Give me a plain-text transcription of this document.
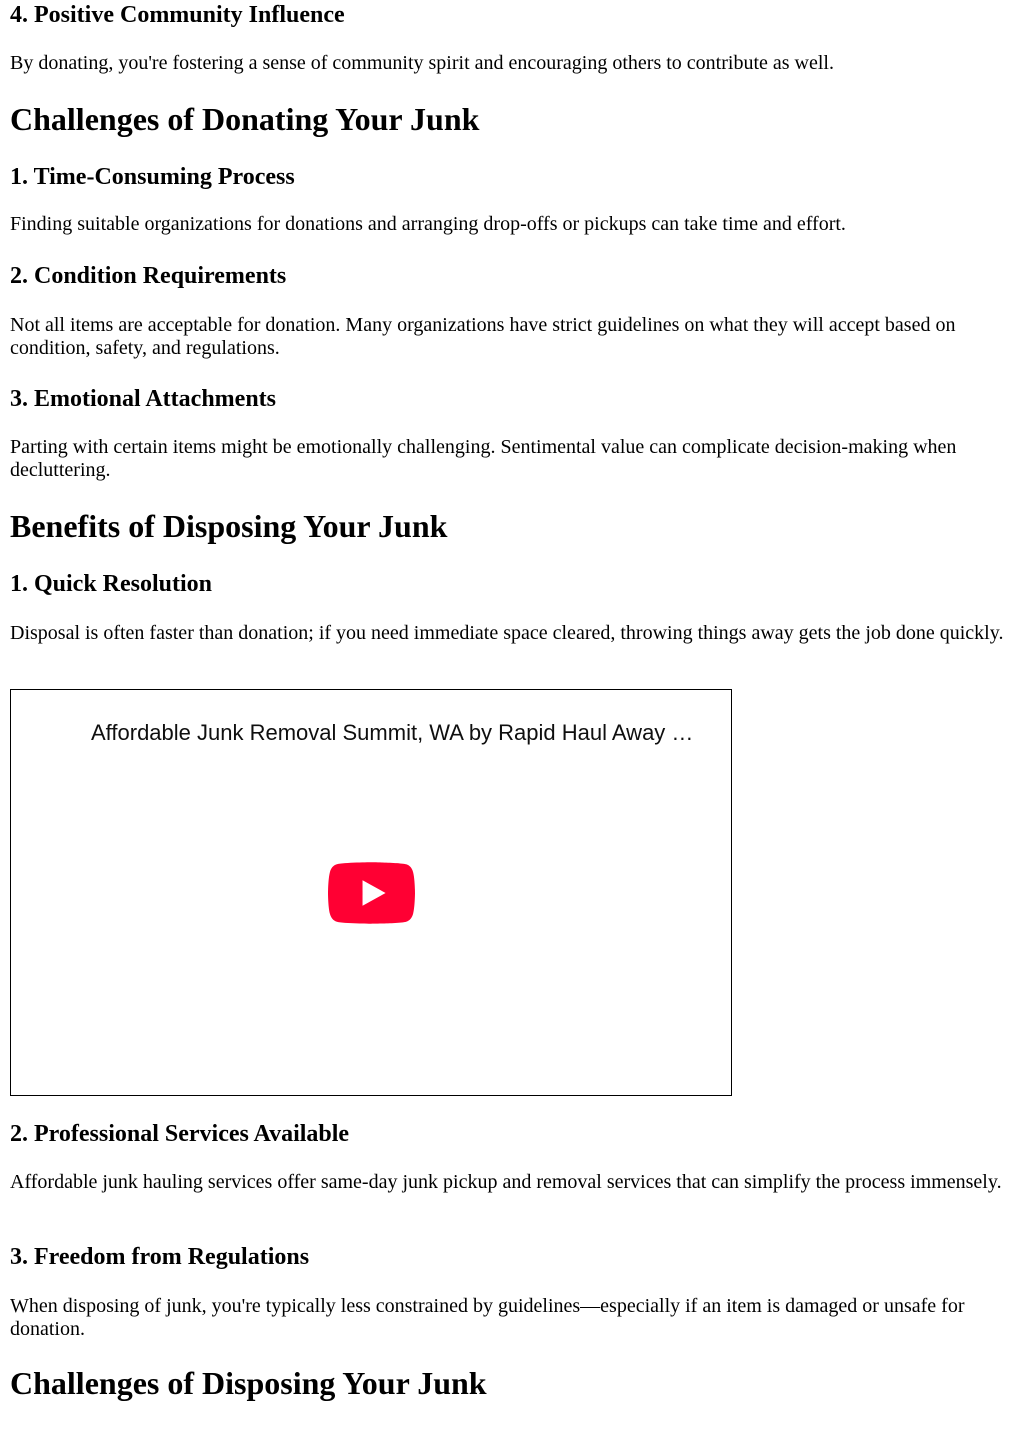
4. Positive Community Influence

By donating, you're fostering a sense of community spirit and encouraging others to contribute as well.

Challenges of Donating Your Junk
1. Time-Consuming Process

Finding suitable organizations for donations and arranging drop-offs or pickups can take time and effort.

2. Condition Requirements

Not all items are acceptable for donation. Many organizations have strict guidelines on what they will accept based on condition, safety, and regulations.

3. Emotional Attachments

Parting with certain items might be emotionally challenging. Sentimental value can complicate decision-making when decluttering.

Benefits of Disposing Your Junk
1. Quick Resolution

Disposal is often faster than donation; if you need immediate space cleared, throwing things away gets the job done quickly.

Affordable Junk Removal Summit, WA by Rapid Haul Away …
2. Professional Services Available

Affordable junk hauling services offer same-day junk pickup and removal services that can simplify the process immensely.

3. Freedom from Regulations

When disposing of junk, you're typically less constrained by guidelines—especially if an item is damaged or unsafe for donation.

Challenges of Disposing Your Junk
